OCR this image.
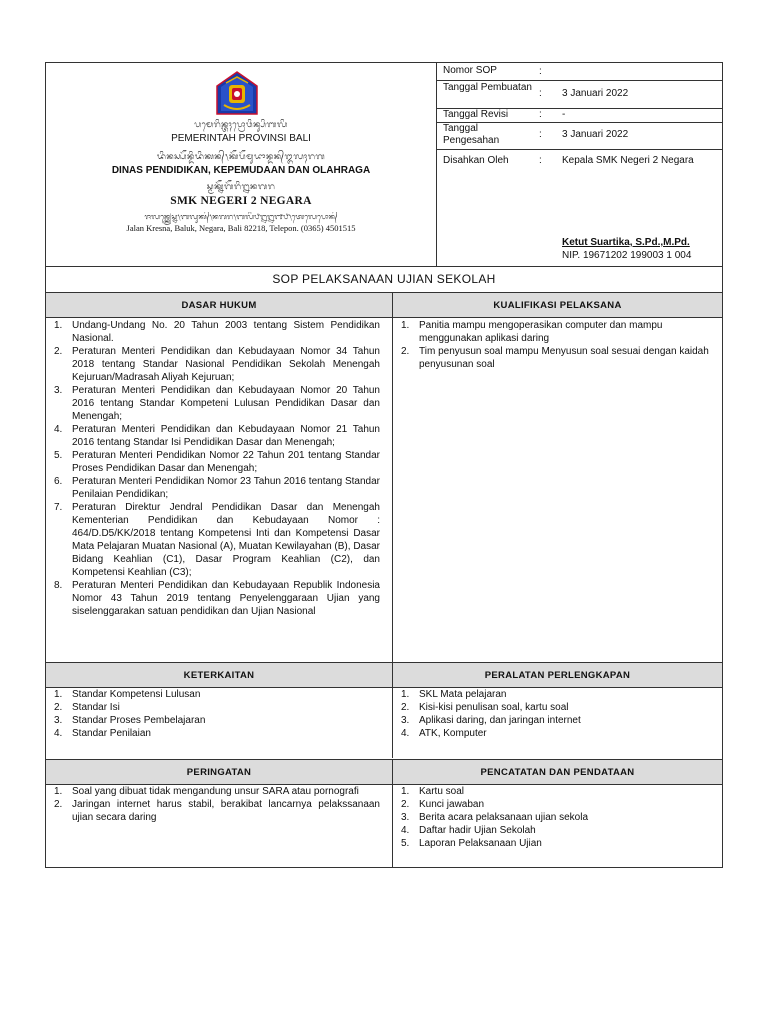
ᬧᬫᬾᬭᬶᬦ᭄ᬢᬄᬧ᭄ᬭᭀᬯᬶᬦ᭄ᬲᬶᬩᬮᬶ
PEMERINTAH PROVINSI BALI
ᬤᬶᬦᬲ᭄ᬧᭂᬦ᭄ᬤᬶᬤᬶᬓᬦ᭄᭞ᬓᭂᬧᭂᬫᬸᬤᬵᬦ᭄ᬤᬦ᭄ᬑᬮᬄᬭᬕ
DINAS PENDIDIKAN, KEPEMUDAAN DAN OLAHRAGA
ᬲ᭄ᬫᬓ᭄ᬦᭂᬕᭂᬭᬶ᭒ᬦᬕᬭ
SMK NEGERI 2 NEGARA
ᬚᬮᬦ᭄ᬓ᭄ᬭᬾᬲ᭄ᬦ᭞ᬩᬮᬸᬓ᭄᭞ᬦᬕᬭ᭞ᬩᬮᬶ᭘᭒᭒᭑᭘᭞ᬢᬾᬮᬾᬧᭀᬦ᭄
Jalan Kresna, Baluk, Negara, Bali 82218, Telepon. (0365) 4501515
Nomor SOP	:
Tanggal Pembuatan
: 3 Januari 2022
Tanggal Revisi	: -
Tanggal Pengesahan
: 3 Januari 2022
Disahkan Oleh	: Kepala SMK Negeri 2 Negara
Ketut Suartika, S.Pd.,M.Pd.
NIP. 19671202 199003 1 004
SOP PELAKSANAAN UJIAN SEKOLAH
DASAR HUKUM	KUALIFIKASI PELAKSANA
1. Undang-Undang No. 20 Tahun 2003 tentang Sistem Pendidikan Nasional.
2. Peraturan Menteri Pendidikan dan Kebudayaan Nomor 34 Tahun 2018 tentang Standar Nasional Pendidikan Sekolah Menengah Kejuruan/Madrasah Aliyah Kejuruan;
3. Peraturan Menteri Pendidikan dan Kebudayaan Nomor 20 Tahun 2016 tentang Standar Kompeteni Lulusan Pendidikan Dasar dan Menengah;
4. Peraturan Menteri Pendidikan dan Kebudayaan Nomor 21 Tahun 2016 tentang Standar Isi Pendidikan Dasar dan Menengah;
5. Peraturan Menteri Pendidikan Nomor 22 Tahun 201 tentang Standar Proses Pendidikan Dasar dan Menengah;
6. Peraturan Menteri Pendidikan Nomor 23 Tahun 2016 tentang Standar Penilaian Pendidikan;
7. Peraturan Direktur Jendral Pendidikan Dasar dan Menengah Kementerian Pendidikan dan Kebudayaan Nomor : 464/D.D5/KK/2018 tentang Kompetensi Inti dan Kompetensi Dasar Mata Pelajaran Muatan Nasional (A), Muatan Kewilayahan (B), Dasar Bidang Keahlian (C1), Dasar Program Keahlian (C2), dan Kompetensi Keahlian (C3);
8. Peraturan Menteri Pendidikan dan Kebudayaan Republik Indonesia Nomor 43 Tahun 2019 tentang Penyelenggaraan Ujian yang siselenggarakan satuan pendidikan dan Ujian Nasional
1. Panitia mampu mengoperasikan computer dan mampu menggunakan aplikasi daring
2. Tim penyusun soal mampu Menyusun soal sesuai dengan kaidah penyusunan soal
KETERKAITAN	PERALATAN PERLENGKAPAN
1. Standar Kompetensi Lulusan
2. Standar Isi
3. Standar Proses Pembelajaran
4. Standar Penilaian
1. SKL Mata pelajaran
2. Kisi-kisi penulisan soal, kartu soal
3. Aplikasi daring, dan jaringan internet
4. ATK, Komputer
PERINGATAN	PENCATATAN DAN PENDATAAN
1. Soal yang dibuat tidak mengandung unsur SARA atau pornografi
2. Jaringan internet harus stabil, berakibat lancarnya pelakssanaan ujian secara daring
1. Kartu soal
2. Kunci jawaban
3. Berita acara pelaksanaan ujian sekola
4. Daftar hadir Ujian Sekolah
5. Laporan Pelaksanaan Ujian
